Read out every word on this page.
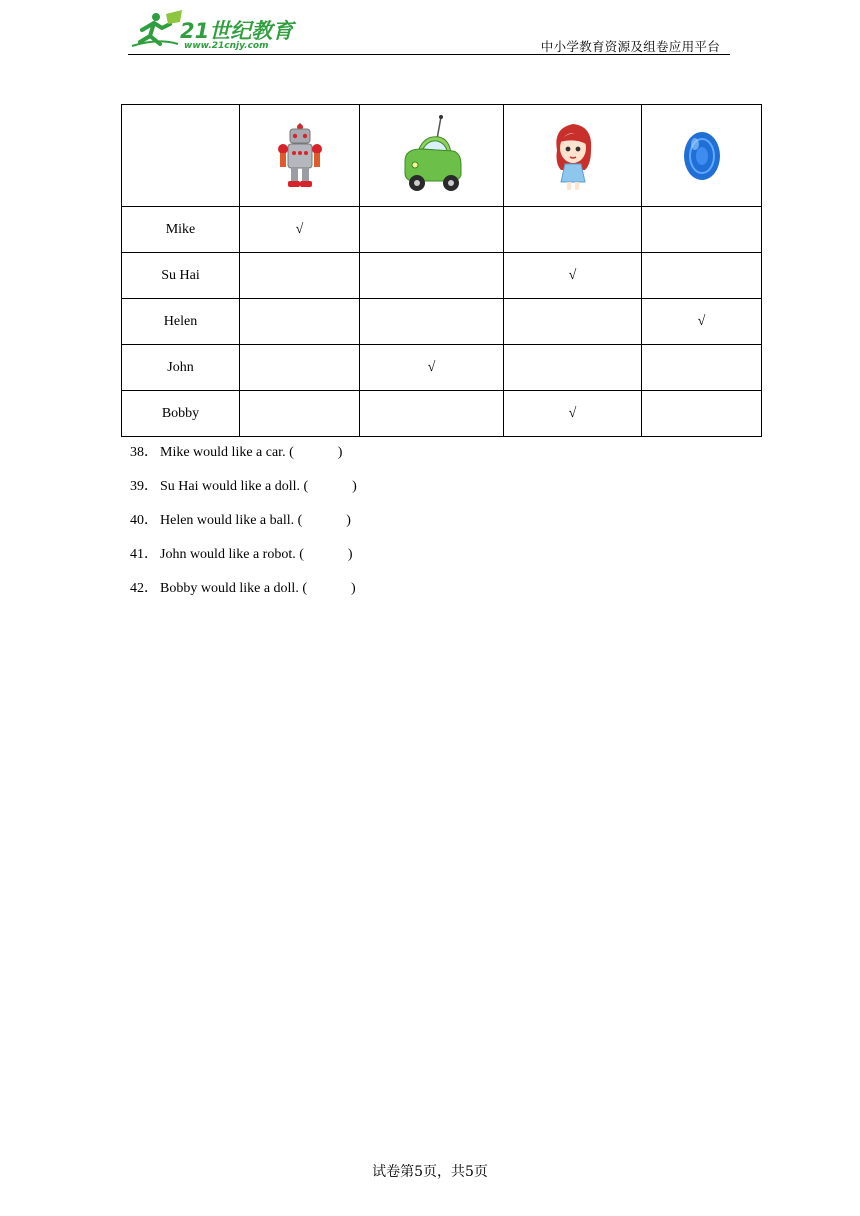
21世纪教育
www.21cnjy.com	中小学教育资源及组卷应用平台

Mike	√			
Su Hai			√	
Helen				√
John		√		
Bobby			√	
38． Mike would like a car. (	)
39． Su Hai would like a doll. (	)
40． Helen would like a ball. (	)
41． John would like a robot. (	)
42． Bobby would like a doll. (	)
试卷第5页，共5页
